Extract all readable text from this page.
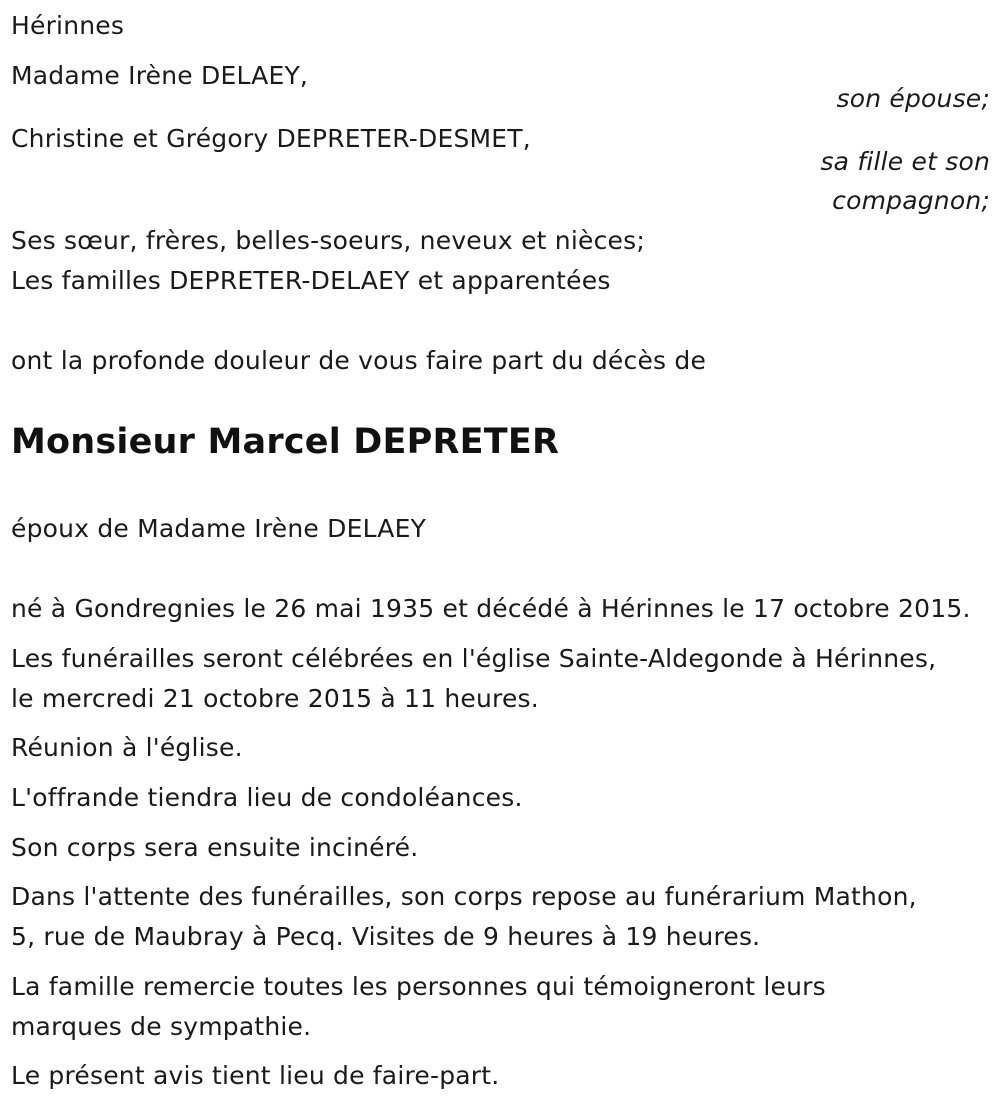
Hérinnes
Madame Irène DELAEY,
son épouse;
Christine et Grégory DEPRETER-DESMET,
sa fille et son
compagnon;
Ses sœur, frères, belles-soeurs, neveux et nièces;
Les familles DEPRETER-DELAEY et apparentées
ont la profonde douleur de vous faire part du décès de
Monsieur Marcel DEPRETER
époux de Madame Irène DELAEY
né à Gondregnies le 26 mai 1935 et décédé à Hérinnes le 17 octobre 2015.
Les funérailles seront célébrées en l'église Sainte-Aldegonde à Hérinnes,
le mercredi 21 octobre 2015 à 11 heures.
Réunion à l'église.
L'offrande tiendra lieu de condoléances.
Son corps sera ensuite incinéré.
Dans l'attente des funérailles, son corps repose au funérarium Mathon,
5, rue de Maubray à Pecq. Visites de 9 heures à 19 heures.
La famille remercie toutes les personnes qui témoigneront leurs
marques de sympathie.
Le présent avis tient lieu de faire-part.
